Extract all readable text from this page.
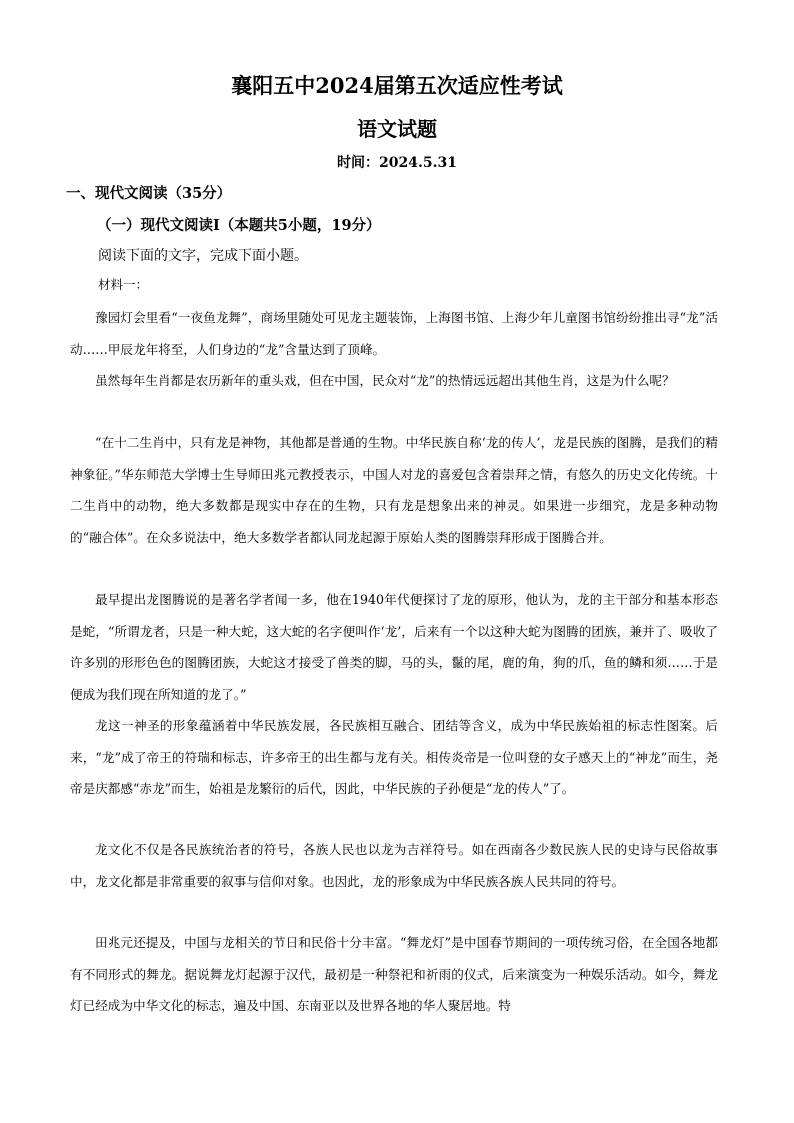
襄阳五中2024届第五次适应性考试
语文试题
时间：2024.5.31
一、现代文阅读（35分）
（一）现代文阅读Ⅰ（本题共5小题，19分）
阅读下面的文字，完成下面小题。
材料一：
豫园灯会里看“一夜鱼龙舞”，商场里随处可见龙主题装饰，上海图书馆、上海少年儿童图书馆纷纷推出寻“龙”活动……甲辰龙年将至，人们身边的“龙”含量达到了顶峰。
虽然每年生肖都是农历新年的重头戏，但在中国，民众对“龙”的热情远远超出其他生肖，这是为什么呢？
“在十二生肖中，只有龙是神物，其他都是普通的生物。中华民族自称‘龙的传人’，龙是民族的图腾，是我们的精神象征。”华东师范大学博士生导师田兆元教授表示，中国人对龙的喜爱包含着崇拜之情，有悠久的历史文化传统。十二生肖中的动物，绝大多数都是现实中存在的生物，只有龙是想象出来的神灵。如果进一步细究，龙是多种动物的“融合体”。在众多说法中，绝大多数学者都认同龙起源于原始人类的图腾崇拜形成于图腾合并。
最早提出龙图腾说的是著名学者闻一多，他在1940年代便探讨了龙的原形，他认为，龙的主干部分和基本形态是蛇，“所谓龙者，只是一种大蛇，这大蛇的名字便叫作‘龙’，后来有一个以这种大蛇为图腾的团族，兼并了、吸收了许多别的形形色色的图腾团族，大蛇这才接受了兽类的脚，马的头，鬣的尾，鹿的角，狗的爪，鱼的鳞和须……于是便成为我们现在所知道的龙了。”
龙这一神圣的形象蕴涵着中华民族发展，各民族相互融合、团结等含义，成为中华民族始祖的标志性图案。后来，“龙”成了帝王的符瑞和标志，许多帝王的出生都与龙有关。相传炎帝是一位叫登的女子感天上的“神龙”而生，尧帝是庆都感“赤龙”而生，始祖是龙繁衍的后代，因此，中华民族的子孙便是“龙的传人”了。
龙文化不仅是各民族统治者的符号，各族人民也以龙为吉祥符号。如在西南各少数民族人民的史诗与民俗故事中，龙文化都是非常重要的叙事与信仰对象。也因此，龙的形象成为中华民族各族人民共同的符号。
田兆元还提及，中国与龙相关的节日和民俗十分丰富。“舞龙灯”是中国春节期间的一项传统习俗，在全国各地都有不同形式的舞龙。据说舞龙灯起源于汉代，最初是一种祭祀和祈雨的仪式，后来演变为一种娱乐活动。如今，舞龙灯已经成为中华文化的标志，遍及中国、东南亚以及世界各地的华人聚居地。特
